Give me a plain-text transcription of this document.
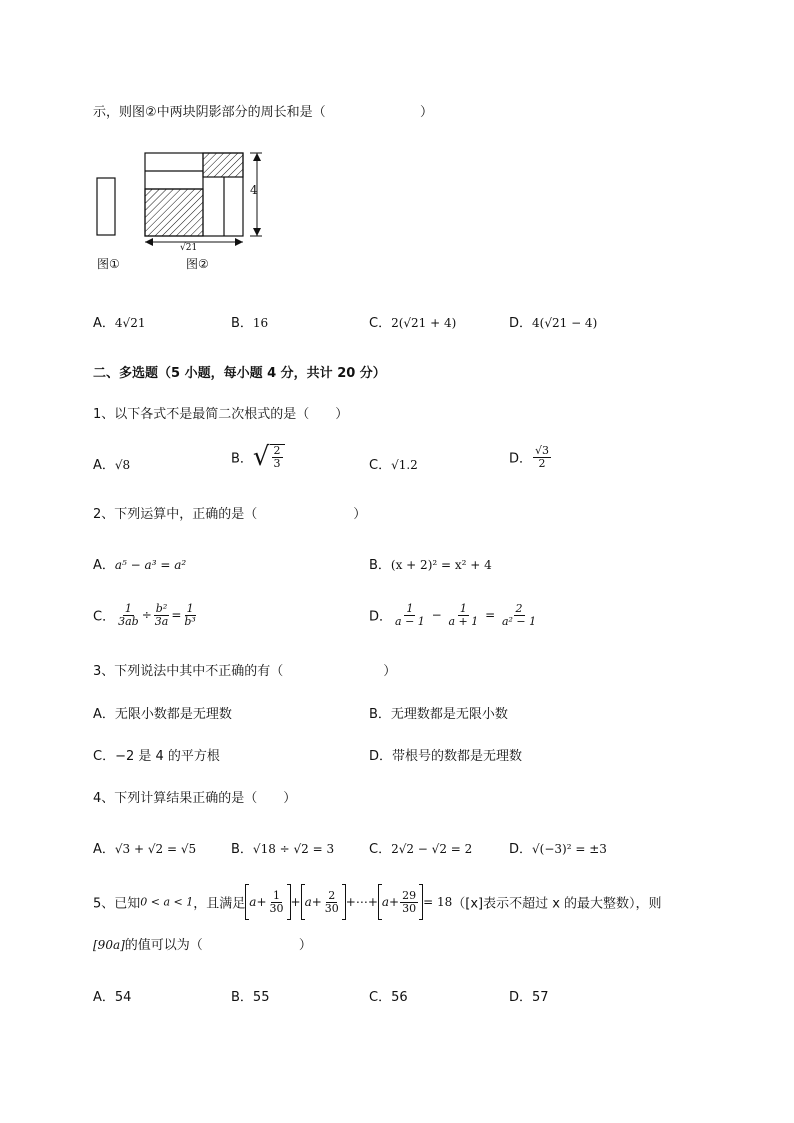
示，则图②中两块阴影部分的周长和是（	）
4
√21
图①	图②
A．4√21	B．16	C．2(√21 + 4)	D．4(√21 − 4)
二、多选题（5 小题，每小题 4 分，共计 20 分）
1、以下各式不是最简二次根式的是（　　）
A．√8	B． √ $\frac{2}{3}$	C．√1.2	D． $\frac{√3}{2}$
2、下列运算中，正确的是（	）
A．a⁵ − a³ = a²	B．(x + 2)² = x² + 4
C． $\frac{1}{3ab} \div \frac{\text{b²}}{3a} = \frac{1}{\text{b³}}$	D． $\frac{1}{a - 1} - \frac{1}{a + 1} = \frac{2}{\text{a² − 1}}$
3、下列说法中其中不正确的有（	）
A．无限小数都是无理数	B．无理数都是无限小数
C．−2 是 4 的平方根	D．带根号的数都是无理数
4、下列计算结果正确的是（　　）
A．√3 + √2 = √5	B．√18 ÷ √2 = 3	C．2√2 − √2 = 2	D．√(−3)² = ±3
5、已知0 < a < 1，且满足 $a+ \frac{1}{30} + a+ \frac{2}{30}$ +⋯+ $a+ \frac{29}{30} = 18([x]$表示不超过 x 的最大整数），则
[90a]的值可以为（	）
A．54	B．55	C．56	D．57
